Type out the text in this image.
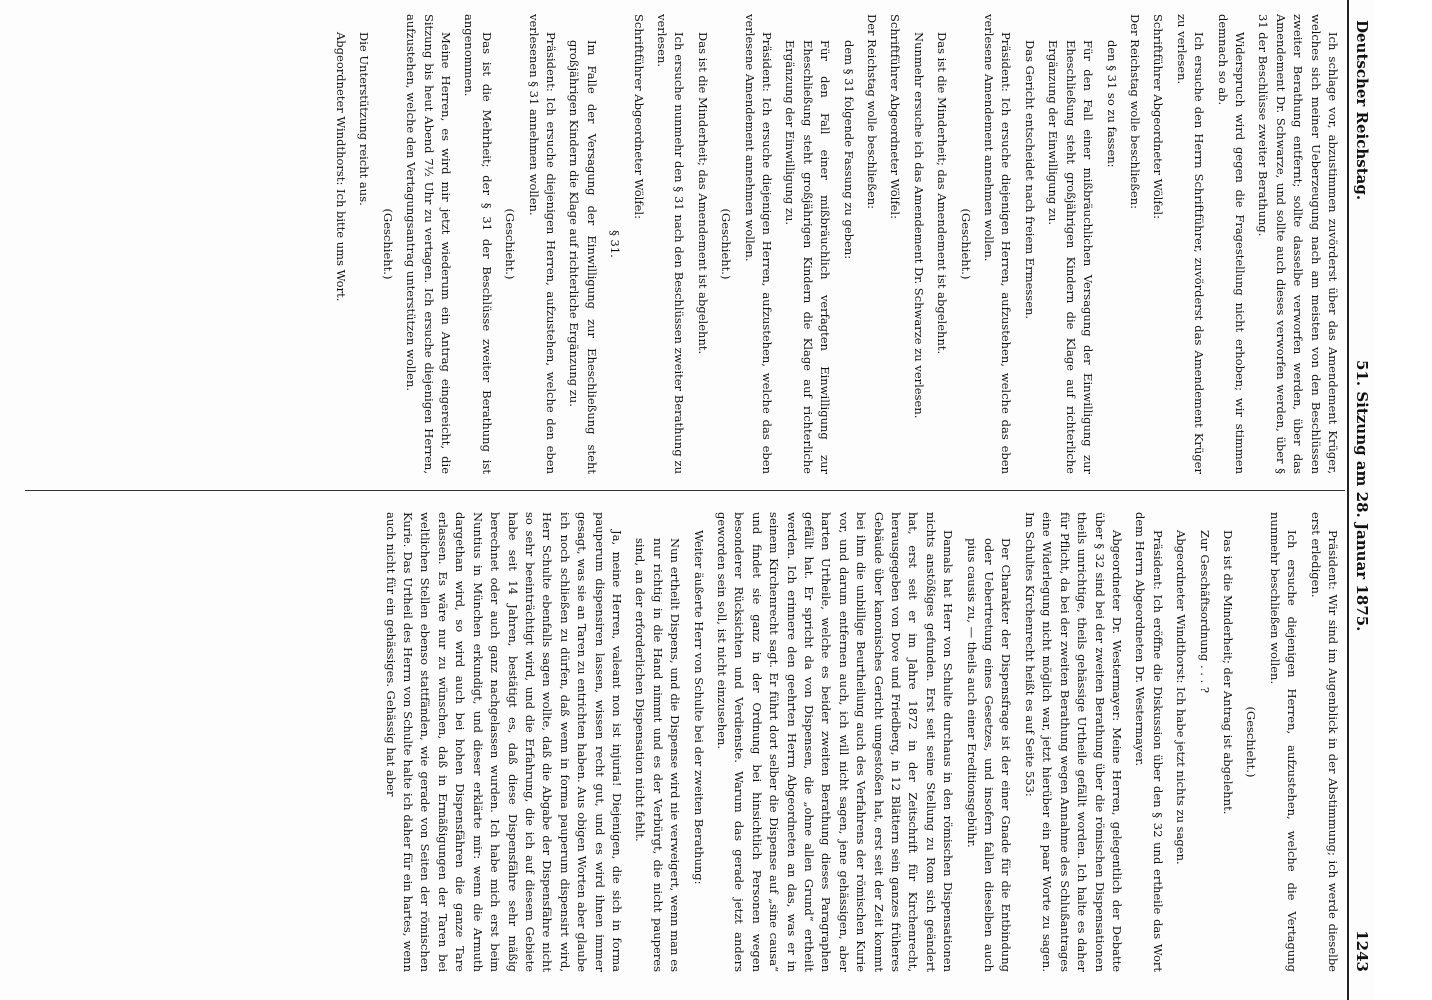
Deutscher Reichstag.
51. Sitzung am 28. Januar 1875.
1243

Ich schlage vor, abzustimmen zuvörderst über das Amendement Krüger, welches sich meiner Ueberzeugung nach am meisten von den Beschlüssen zweiter Berathung entfernt; sollte dasselbe verworfen werden, über das Amendement Dr. Schwarze, und sollte auch dieses verworfen werden, über § 31 der Beschlüsse zweiter Berathung.

Widerspruch wird gegen die Fragestellung nicht erhoben; wir stimmen demnach so ab.

Ich ersuche den Herrn Schriftführer, zuvörderst das Amendement Krüger zu verlesen.

Schriftführer Abgeordneter Wölfel:

Der Reichstag wolle beschließen:

den § 31 so zu fassen:

Für den Fall einer mißbräuchlichen Versagung der Einwilligung zur Eheschließung steht großjährigen Kindern die Klage auf richterliche Ergänzung der Einwilligung zu.

Das Gericht entscheidet nach freiem Ermessen.

Präsident: Ich ersuche diejenigen Herren, aufzustehen, welche das eben verlesene Amendement annehmen wollen.

(Geschieht.)

Das ist die Minderheit; das Amendement ist abgelehnt.

Nunmehr ersuche ich das Amendement Dr. Schwarze zu verlesen.

Schriftführer Abgeordneter Wölfel:

Der Reichstag wolle beschließen:

dem § 31 folgende Fassung zu geben:

Für den Fall einer mißbräuchlich verfagten Einwilligung zur Eheschließung steht großjährigen Kindern die Klage auf richterliche Ergänzung der Einwilligung zu.

Präsident: Ich ersuche diejenigen Herren, aufzustehen, welche das eben verlesene Amendement annehmen wollen.

(Geschieht.)

Das ist die Minderheit; das Amendement ist abgelehnt.

Ich ersuche nunmehr den § 31 nach den Beschlüssen zweiter Berathung zu verlesen.

Schriftführer Abgeordneter Wölfel:

§ 31.

Im Falle der Versagung der Einwilligung zur Eheschließung steht großjährigen Kindern die Klage auf richterliche Ergänzung zu.

Präsident: Ich ersuche diejenigen Herren, aufzustehen, welche den eben verlesenen § 31 annehmen wollen.

(Geschieht.)

Das ist die Mehrheit; der § 31 der Beschlüsse zweiter Berathung ist angenommen.

Meine Herren, es wird mir jetzt wiederum ein Antrag eingereicht, die Sitzung bis heut Abend 7½ Uhr zu vertagen. Ich ersuche diejenigen Herren, aufzustehen, welche den Vertagungsantrag unterstützen wollen.

(Geschieht.)

Die Unterstützung reicht aus.

Abgeordneter Windthorst: Ich bitte ums Wort.

Präsident: Wir sind im Augenblick in der Abstimmung; ich werde dieselbe erst erledigen.

Ich ersuche diejenigen Herren, aufzustehen, welche die Vertagung nunmehr beschließen wollen.

(Geschieht.)

Das ist die Minderheit; der Antrag ist abgelehnt.

Zur Geschäftsordnung . . . ?

Abgeordneter Windthorst: Ich habe jetzt nichts zu sagen.

Präsident: Ich eröffne die Diskussion über den § 32 und ertheile das Wort dem Herrn Abgeordneten Dr. Westermayer.

Abgeordneter Dr. Westermayer: Meine Herren, gelegentlich der Debatte über § 32 sind bei der zweiten Berathung über die römischen Dispensationen theils unrichtige, theils gehässige Urtheile gefällt worden. Ich halte es daher für Pflicht, da bei der zweiten Berathung wegen Annahme des Schlußantrages eine Widerlegung nicht möglich war, jetzt hierüber ein paar Worte zu sagen. Im Schultes Kirchenrecht heißt es auf Seite 553:

Der Charakter der Dispensfrage ist der einer Gnade für die Entbindung oder Uebertretung eines Gesetzes, und insofern fallen dieselben auch pius causis zu, — theils auch einer Ereditionsgebühr.

Damals hat Herr von Schulte durchaus in den römischen Dispensationen nichts anstößiges gefunden. Erst seit seine Stellung zu Rom sich geändert hat, erst seit er im Jahre 1872 in der Zeitschrift für Kirchenrecht, herausgegeben von Dove und Friedberg, in 12 Blättern sein ganzes früheres Gebäude über kanonisches Gericht umgestoßen hat, erst seit der Zeit kommt bei ihm die unbillige Beurtheilung auch des Verfahrens der römischen Kurie vor, und darum entfernen auch, ich will nicht sagen, jene gehässigen, aber harten Urtheile, welche es beider zweiten Berathung dieses Paragraphen gefällt hat. Er spricht da von Dispensen, die „ohne allen Grund“ ertheilt werden. Ich erinnere den geehrten Herrn Abgeordneten an das, was er in seinem Kirchenrecht sagt. Er führt dort selber die Dispense auf „sine causa“ und findet sie ganz in der Ordnung bei hinsichtlich Personen wegen besonderer Rücksichten und Verdienste. Warum das gerade jetzt anders geworden sein soll, ist nicht einzusehen.

Weiter äußerte Herr von Schulte bei der zweiten Berathung:

Nun ertheilt Dispens, und die Dispense wird nie verweigert, wenn man es nur richtig in die Hand nimmt und es der Verbürgt, die nicht pauperes sind, an der erforderlichen Dispensation nicht fehlt.

Ja, meine Herren, valeant non ist injuria! Diejenigen, die sich in forma pauperum dispensiren lassen, wissen recht gut, und es wird ihnen immer gesagt, was sie an Taren zu entrichten haben. Aus obigen Worten aber glaube ich noch schließen zu dürfen, daß wenn in forma pauperum dispensirt wird, Herr Schulte ebenfalls sagen wollte, daß die Abgabe der Dispensfähre nicht so sehr beeinträchtigt wird, und die Erfahrung, die ich auf diesem Gebiete habe seit 14 Jahren, bestätigt es, daß diese Dispensfähre sehr mäßig berechnet oder auch ganz nachgelassen wurden. Ich habe mich erst beim Nuntius in München erkundigt, und dieser erklärte mir: wenn die Armuth dargethan wird, so wird auch bei hohen Dispensfähren die ganze Tare erlassen. Es wäre nur zu wünschen, daß in Ermäßigungen der Taren bei weltlichen Stellen ebenso stattfänden, wie gerade von Seiten der römischen Kurie. Das Urtheil des Herrn von Schulte halte ich daher für ein hartes, wenn auch nicht für ein gehässiges. Gehässig hat aber
